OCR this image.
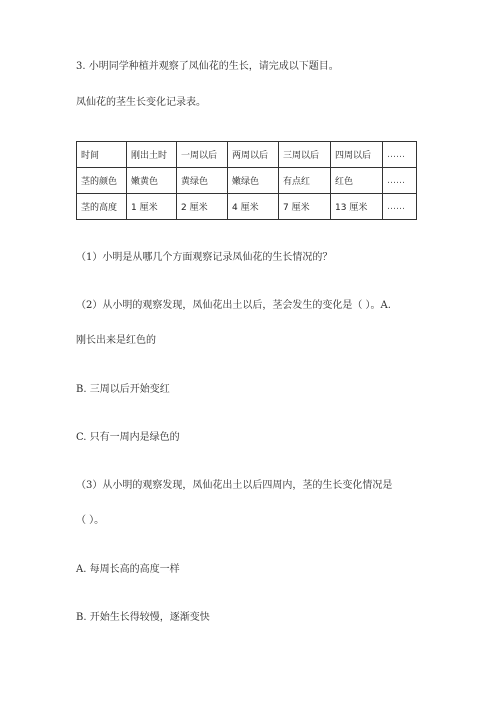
3. 小明同学种植并观察了凤仙花的生长，请完成以下题目。
凤仙花的茎生长变化记录表。
时间	刚出土时	一周以后	两周以后	三周以后	四周以后	……
茎的颜色	嫩黄色	黄绿色	嫩绿色	有点红	红色	……
茎的高度	1 厘米	2 厘米	4 厘米	7 厘米	13 厘米	……
（1）小明是从哪几个方面观察记录凤仙花的生长情况的？
（2）从小明的观察发现，凤仙花出土以后，茎会发生的变化是（ ）。A.
刚长出来是红色的
B. 三周以后开始变红
C. 只有一周内是绿色的
（3）从小明的观察发现，凤仙花出土以后四周内，茎的生长变化情况是
（ ）。
A. 每周长高的高度一样
B. 开始生长得较慢，逐渐变快
